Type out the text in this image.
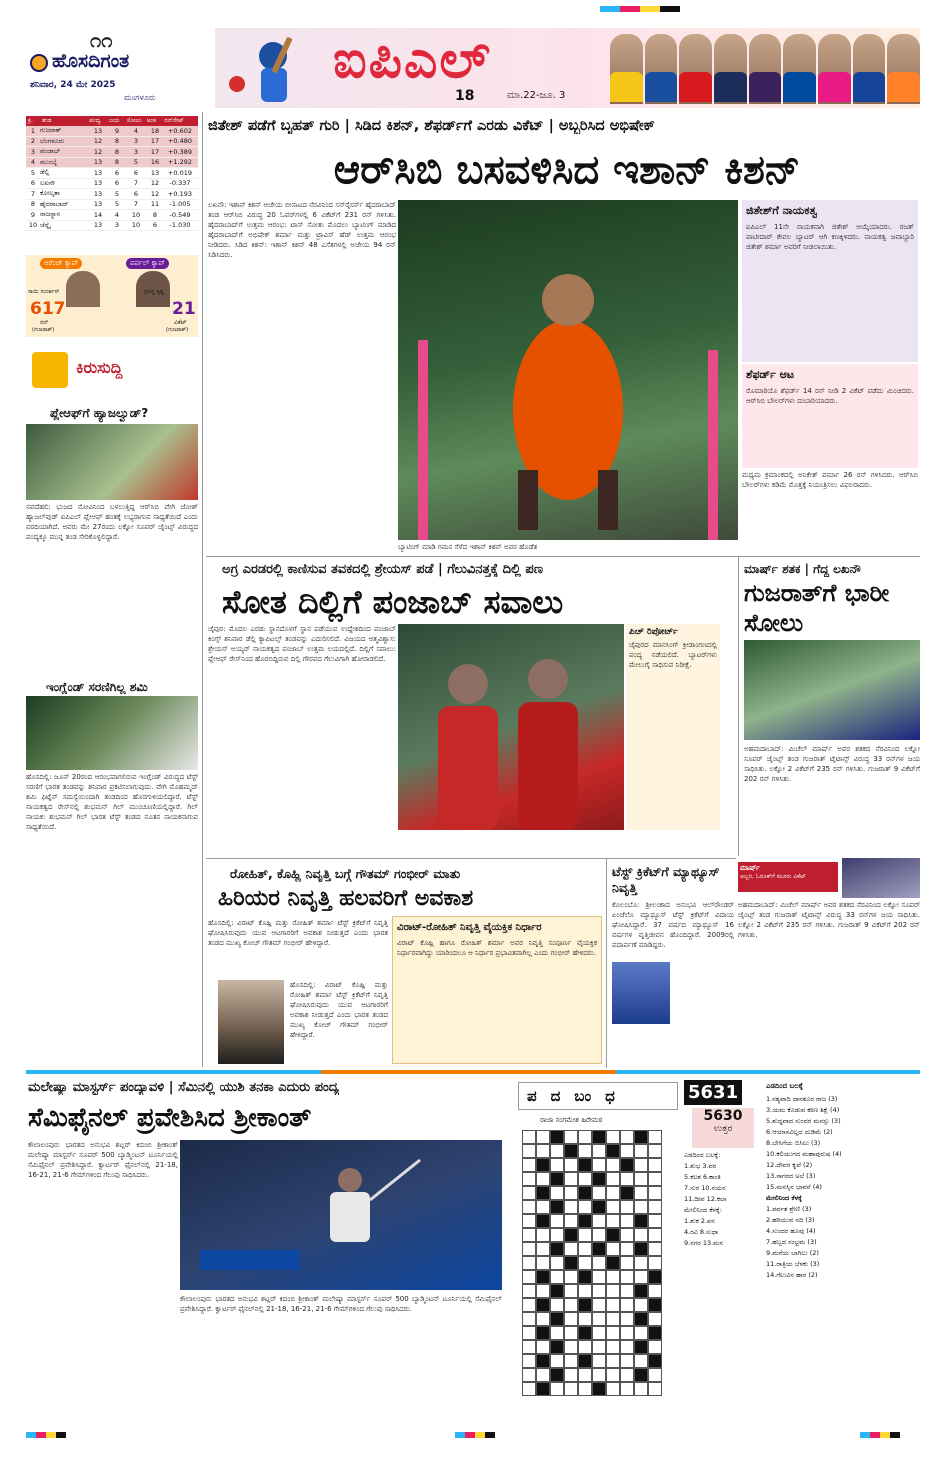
೧೧
ಹೊಸದಿಗಂತ
ಶನಿವಾರ, 24 ಮೇ 2025
ಮಂಗಳೂರು
ಐಪಿಎಲ್
18	ಮಾ.22-ಜೂ. 3
ಕ್ರ.	ತಂಡ	ಪಂದ್ಯ	ಜಯ	ಸೋಲು ಅಂಕ	ರನ್‌ರೇಟ್
1 ಗುಜರಾತ್	13	9	4	18	+0.602
2 ಬೆಂಗಳೂರು	12	8	3	17	+0.480
3 ಪಂಜಾಬ್	12	8	3	17	+0.389
4 ಮುಂಬೈ	13	8	5	16	+1.292
5 ಡೆಲ್ಲಿ	13	6	6	13	+0.019
6 ಲಖನೌ	13	6	7	12	-0.337
7 ಕೋಲ್ಕತಾ	13	5	6	12	+0.193
8 ಹೈದರಾಬಾದ್	13	5	7	11	-1.005
9 ರಾಜಸ್ಥಾನ	14	4	10	8	-0.549
10 ಚೆನ್ನೈ	13	3	10	6	-1.030
ಆರೆಂಜ್ ಕ್ಯಾಪ್	ಪರ್ಪಲ್ ಕ್ಯಾಪ್
ಸಾಯಿ ಸುದರ್ಶನ್	ಪ್ರಸಿದ್ಧ ಕೃಷ್ಣ
617	21
ರನ್	ವಿಕೆಟ್
(ಗುಜರಾತ್)	(ಗುಜರಾತ್)
ಕಿರುಸುದ್ದಿ
ಪ್ಲೇಆಫ್‌ಗೆ ಹ್ಯಾಜಲ್ವುಡ್?
ನವದೆಹಲಿ: ಭುಜದ ನೋವಿನಿಂದ ಬಳಲುತ್ತಿದ್ದ ಆರ್‌ಸಿಬಿ ವೇಗಿ ಜೋಶ್ ಹ್ಯಾಜಲ್‌ವುಡ್ ಐಪಿಎಲ್ ಪ್ಲೇಆಫ್ ಹಂತಕ್ಕೆ ಲಭ್ಯರಾಗುವ ಸಾಧ್ಯತೆಯಿದೆ ಎಂದು ವರದಿಯಾಗಿದೆ. ಅವರು ಮೇ 27ರಂದು ಲಕ್ನೋ ಸೂಪರ್ ಜೈಂಟ್ಸ್ ವಿರುದ್ಧದ ಪಂದ್ಯಕ್ಕೂ ಮುನ್ನ ತಂಡ ಸೇರಿಕೊಳ್ಳಲಿದ್ದಾರೆ.
ಇಂಗ್ಲೆಂಡ್ ಸರಣಿಗಿಲ್ಲ ಶಮಿ
ಹೊಸದಿಲ್ಲಿ: ಜೂನ್ 20ರಂದ ಆರಂಭವಾಗಲಿರುವ ಇಂಗ್ಲೆಂಡ್ ವಿರುದ್ಧದ ಟೆಸ್ಟ್ ಸರಣಿಗೆ ಭಾರತ ತಂಡವನ್ನು ಶನಿವಾರ ಪ್ರಕಟಿಸಲಾಗುವುದು. ವೇಗಿ ಮೊಹಮ್ಮದ್ ಶಮಿ ಫಿಟ್ನೆಸ್ ಸಮಸ್ಯೆಯಿಂದಾಗಿ ತಂಡದಿಂದ ಹೊರಗುಳಿಯಲಿದ್ದಾರೆ. ಟೆಸ್ಟ್ ನಾಯಕತ್ವದ ರೇಸ್‌ನಲ್ಲಿ ಶುಭಮನ್ ಗಿಲ್ ಮುಂಚೂಣಿಯಲ್ಲಿದ್ದಾರೆ. ಗಿಲ್ ನಾಯಕ: ಶುಭಮನ್ ಗಿಲ್ ಭಾರತ ಟೆಸ್ಟ್ ತಂಡದ ನೂತನ ನಾಯಕನಾಗುವ ಸಾಧ್ಯತೆಯಿದೆ.
ಜಿತೇಶ್ ಪಡೆಗೆ ಬೃಹತ್ ಗುರಿ | ಸಿಡಿದ ಕಿಶನ್, ಶೆಫರ್ಡ್‌ಗೆ ಎರಡು ವಿಕೆಟ್ | ಅಬ್ಬರಿಸಿದ ಅಭಿಷೇಕ್
ಆರ್‌ಸಿಬಿ ಬಸವಳಿಸಿದ ಇಶಾನ್ ಕಿಶನ್
ಲಖನೌ: ಇಶಾನ್ ಕಿಶನ್ ಅಜೇಯ ಬೀಸಾಟದ ನೆರವಿನಿಂದ ಸನ್‌ರೈಸರ್ಸ್ ಹೈದರಾಬಾದ್ ತಂಡ ಆರ್‌ಸಿಬಿ ವಿರುದ್ಧ 20 ಓವರ್‌ಗಳಲ್ಲಿ 6 ವಿಕೆಟ್‌ಗೆ 231 ರನ್ ಗಳಿಸಿತು. ಹೈದರಾಬಾದ್‌ಗೆ ಉತ್ತಮ ಆರಂಭ: ಟಾಸ್ ಸೋತು ಮೊದಲು ಬ್ಯಾಟಿಂಗ್ ಮಾಡಿದ ಹೈದರಾಬಾದ್‌ಗೆ ಅಭಿಷೇಕ್ ಶರ್ಮಾ ಮತ್ತು ಟ್ರಾವಿಸ್ ಹೆಡ್ ಉತ್ತಮ ಆರಂಭ ನೀಡಿದರು. ಸಿಡಿದ ಕಿಶನ್: ಇಶಾನ್ ಕಿಶನ್ 48 ಎಸೆತಗಳಲ್ಲಿ ಅಜೇಯ 94 ರನ್ ಸಿಡಿಸಿದರು.
ಬ್ಯಾಟಿಂಗ್ ಮಾಡಿ ಗಮನ ಸೆಳೆದ ಇಶಾನ್ ಕಿಶನ್ ಅವರ ಹೊಡೆತ
ಜಿತೇಶ್‌ಗೆ ನಾಯಕತ್ವ
ಐಪಿಎಲ್ 11ನೇ ನಾಯಕನಾಗಿ ಜಿತೇಶ್ ಆಯ್ಕೆಯಾದರು. ರಜತ್ ಪಾಟೀದಾರ್ ಕೇವಲ ಬ್ಯಾಟರ್ ಆಗಿ ಕಣಕ್ಕಿಳಿದರು. ನಾಯಕತ್ವ ಜವಾಬ್ದಾರಿ ಜಿತೇಶ್ ಶರ್ಮಾ ಅವರಿಗೆ ನೀಡಲಾಯಿತು.
ಶೆಫರ್ಡ್ ಆಟ
ರೊಮಾರಿಯೊ ಶೆಫರ್ಡ್ 14 ರನ್ ನೀಡಿ 2 ವಿಕೆಟ್ ಪಡೆದು ಮಿಂಚಿದರು. ಆರ್‌ಸಿಬಿ ಬೌಲರ್‌ಗಳು ದುಬಾರಿಯಾದರು.
ಮಧ್ಯಮ ಕ್ರಮಾಂಕದಲ್ಲಿ ಅನಿಕೇತ್ ವರ್ಮಾ 26 ರನ್ ಗಳಿಸಿದರು. ಆರ್‌ಸಿಬಿ ಬೌಲರ್‌ಗಳು ಕಡಿಮೆ ಮೊತ್ತಕ್ಕೆ ನಿಯಂತ್ರಿಸಲು ವಿಫಲರಾದರು.
ಅಗ್ರ ಎರಡರಲ್ಲಿ ಕಾಣಿಸುವ ತವಕದಲ್ಲಿ ಶ್ರೇಯಸ್ ಪಡೆ | ಗೆಲುವಿನತ್ತಕ್ಕೆ ದಿಲ್ಲಿ ಪಣ
ಸೋತ ದಿಲ್ಲಿಗೆ ಪಂಜಾಬ್ ಸವಾಲು
ಜೈಪುರ: ಮೊದಲ ಎರಡು ಸ್ಥಾನದೊಳಗೆ ಸ್ಥಾನ ಪಡೆಯುವ ಉದ್ದೇಶದಿಂದ ಪಂಜಾಬ್ ಕಿಂಗ್ಸ್ ಶನಿವಾರ ಡೆಲ್ಲಿ ಕ್ಯಾಪಿಟಲ್ಸ್ ತಂಡವನ್ನು ಎದುರಿಸಲಿದೆ. ವಿಜಯದ ಆತ್ಮವಿಶ್ವಾಸ: ಶ್ರೇಯಸ್ ಅಯ್ಯರ್ ನಾಯಕತ್ವದ ಪಂಜಾಬ್ ಉತ್ತಮ ಲಯದಲ್ಲಿದೆ. ದಿಲ್ಲಿಗೆ ಸವಾಲು: ಪ್ಲೇಆಫ್ ರೇಸ್‌ನಿಂದ ಹೊರಬಿದ್ದಿರುವ ದಿಲ್ಲಿ ಗೌರವದ ಗೆಲುವಿಗಾಗಿ ಹೋರಾಡಲಿದೆ.
ಪಿಚ್ ರಿಪೋರ್ಟ್
ಜೈಪುರದ ಮಾನಸಿಂಗ್ ಕ್ರೀಡಾಂಗಣದಲ್ಲಿ ಪಂದ್ಯ ನಡೆಯಲಿದೆ. ಬ್ಯಾಟರ್‌ಗಳು ಮೇಲುಗೈ ಸಾಧಿಸುವ ನಿರೀಕ್ಷೆ.
ಮಾರ್ಷ್ ಶತಕ | ಗೆದ್ದ ಲಖನೌ
ಗುಜರಾತ್‌ಗೆ ಭಾರೀ ಸೋಲು
ಅಹಮದಾಬಾದ್: ಮಿಚೆಲ್ ಮಾರ್ಷ್ ಅವರ ಶತಕದ ನೆರವಿನಿಂದ ಲಕ್ನೋ ಸೂಪರ್ ಜೈಂಟ್ಸ್ ತಂಡ ಗುಜರಾತ್ ಟೈಟಾನ್ಸ್ ವಿರುದ್ಧ 33 ರನ್‌ಗಳ ಜಯ ಸಾಧಿಸಿತು. ಲಕ್ನೋ 2 ವಿಕೆಟ್‌ಗೆ 235 ರನ್ ಗಳಿಸಿತು. ಗುಜರಾತ್ 9 ವಿಕೆಟ್‌ಗೆ 202 ರನ್ ಗಳಿಸಿತು.
ಮಾರ್ಷ್
ಅಬ್ಬರ, ಓರೂಕ್‌ಗೆ ಮೂರು ವಿಕೆಟ್
ಅಹಮದಾಬಾದ್: ಮಿಚೆಲ್ ಮಾರ್ಷ್ ಅವರ ಶತಕದ ನೆರವಿನಿಂದ ಲಕ್ನೋ ಸೂಪರ್ ಜೈಂಟ್ಸ್ ತಂಡ ಗುಜರಾತ್ ಟೈಟಾನ್ಸ್ ವಿರುದ್ಧ 33 ರನ್‌ಗಳ ಜಯ ಸಾಧಿಸಿತು. ಲಕ್ನೋ 2 ವಿಕೆಟ್‌ಗೆ 235 ರನ್ ಗಳಿಸಿತು. ಗುಜರಾತ್ 9 ವಿಕೆಟ್‌ಗೆ 202 ರನ್ ಗಳಿಸಿತು.
ರೋಹಿತ್, ಕೊಹ್ಲಿ ನಿವೃತ್ತಿ ಬಗ್ಗೆ ಗೌತಮ್ ಗಂಭೀರ್ ಮಾತು
ಹಿರಿಯರ ನಿವೃತ್ತಿ ಹಲವರಿಗೆ ಅವಕಾಶ
ಹೊಸದಿಲ್ಲಿ: ವಿರಾಟ್ ಕೊಹ್ಲಿ ಮತ್ತು ರೋಹಿತ್ ಶರ್ಮಾ ಟೆಸ್ಟ್ ಕ್ರಿಕೆಟ್‌ಗೆ ನಿವೃತ್ತಿ ಘೋಷಿಸಿರುವುದು ಯುವ ಆಟಗಾರರಿಗೆ ಅವಕಾಶ ನೀಡುತ್ತದೆ ಎಂದು ಭಾರತ ತಂಡದ ಮುಖ್ಯ ಕೋಚ್ ಗೌತಮ್ ಗಂಭೀರ್ ಹೇಳಿದ್ದಾರೆ.
ಹೊಸದಿಲ್ಲಿ: ವಿರಾಟ್ ಕೊಹ್ಲಿ ಮತ್ತು ರೋಹಿತ್ ಶರ್ಮಾ ಟೆಸ್ಟ್ ಕ್ರಿಕೆಟ್‌ಗೆ ನಿವೃತ್ತಿ ಘೋಷಿಸಿರುವುದು ಯುವ ಆಟಗಾರರಿಗೆ ಅವಕಾಶ ನೀಡುತ್ತದೆ ಎಂದು ಭಾರತ ತಂಡದ ಮುಖ್ಯ ಕೋಚ್ ಗೌತಮ್ ಗಂಭೀರ್ ಹೇಳಿದ್ದಾರೆ.
ವಿರಾಟ್-ರೋಹಿತ್ ನಿವೃತ್ತಿ ವೈಯಕ್ತಿಕ ನಿರ್ಧಾರ
ವಿರಾಟ್ ಕೊಹ್ಲಿ ಹಾಗೂ ರೋಹಿತ್ ಶರ್ಮಾ ಅವರ ನಿವೃತ್ತಿ ಸಂಪೂರ್ಣ ವೈಯಕ್ತಿಕ ನಿರ್ಧಾರವಾಗಿದ್ದು ಯಾರಿಂದಲೂ ಆ ನಿರ್ಧಾರ ಪ್ರಭಾವಿತವಾಗಿಲ್ಲ ಎಂದು ಗಂಭೀರ್ ಹೇಳಿದರು.
ಟೆಸ್ಟ್ ಕ್ರಿಕೆಟ್‌ಗೆ ಮ್ಯಾಥ್ಯೂಸ್ ನಿವೃತ್ತಿ
ಕೊಲಂಬೊ: ಶ್ರೀಲಂಕಾದ ಅನುಭವಿ ಆಲ್‌ರೌಂಡರ್ ಏಂಜೆಲೊ ಮ್ಯಾಥ್ಯೂಸ್ ಟೆಸ್ಟ್ ಕ್ರಿಕೆಟ್‌ಗೆ ವಿದಾಯ ಘೋಷಿಸಿದ್ದಾರೆ. 37 ವರ್ಷದ ಮ್ಯಾಥ್ಯೂಸ್ 16 ವರ್ಷಗಳ ವೃತ್ತಿಜೀವನ ಹೊಂದಿದ್ದಾರೆ. 2009ರಲ್ಲಿ ಪದಾರ್ಪಣೆ ಮಾಡಿದ್ದರು.
ಮಲೇಷ್ಯಾ ಮಾಸ್ಟರ್ಸ್ ಪಂದ್ಯಾವಳಿ | ಸೆಮಿನಲ್ಲಿ ಯುಶಿ ತನಕಾ ಎದುರು ಪಂದ್ಯ
ಸೆಮಿಫೈನಲ್ ಪ್ರವೇಶಿಸಿದ ಶ್ರೀಕಾಂತ್
ಕೌಲಾಲಂಪುರ: ಭಾರತದ ಅನುಭವಿ ಶಟ್ಲರ್ ಕಿದಂಬಿ ಶ್ರೀಕಾಂತ್ ಮಲೇಷ್ಯಾ ಮಾಸ್ಟರ್ಸ್ ಸೂಪರ್ 500 ಬ್ಯಾಡ್ಮಿಂಟನ್ ಟೂರ್ನಿಯಲ್ಲಿ ಸೆಮಿಫೈನಲ್ ಪ್ರವೇಶಿಸಿದ್ದಾರೆ. ಕ್ವಾರ್ಟರ್ ಫೈನಲ್‌ನಲ್ಲಿ 21-18, 16-21, 21-6 ಗೇಮ್‌ಗಳಿಂದ ಗೆಲುವು ಸಾಧಿಸಿದರು.
ಕೌಲಾಲಂಪುರ: ಭಾರತದ ಅನುಭವಿ ಶಟ್ಲರ್ ಕಿದಂಬಿ ಶ್ರೀಕಾಂತ್ ಮಲೇಷ್ಯಾ ಮಾಸ್ಟರ್ಸ್ ಸೂಪರ್ 500 ಬ್ಯಾಡ್ಮಿಂಟನ್ ಟೂರ್ನಿಯಲ್ಲಿ ಸೆಮಿಫೈನಲ್ ಪ್ರವೇಶಿಸಿದ್ದಾರೆ. ಕ್ವಾರ್ಟರ್ ಫೈನಲ್‌ನಲ್ಲಿ 21-18, 16-21, 21-6 ಗೇಮ್‌ಗಳಿಂದ ಗೆಲುವು ಸಾಧಿಸಿದರು.
ಪದಬಂಧ
ರಾಜಾ ಸಂಗಮೇಶ ಹಿರೇಮಠ
5631
5630
ಉತ್ತರ
ಎಡದಿಂದ ಬಲಕ್ಕೆ:
1.ಶುಭ 3.ವರ
5.ಕಲಶ 6.ಕಾಂತಿ
7.ಸುರ 10.ನಯನ
11.ದೀಪ 12.ಕಲಾ
ಮೇಲಿನಿಂದ ಕೆಳಕ್ಕೆ:
1.ಶುಕ 2.ವನ
4.ರವಿ 8.ಸುಧಾ
9.ನಗರ 13.ಮನ
ಎಡದಿಂದ ಬಲಕ್ಕೆ
1.ಸತ್ಯವಾದಿ ದಾನಶೂರ ರಾಜ (3)
3.ಯಮ ಕೊಡುವ ಕಠಿಣ ಶಿಕ್ಷೆ (4)
5.ಶುದ್ಧವಾದ ಸುಂದರ ಮನಸ್ಸು (3)
6.ಆಯಾಸವಿಲ್ಲದ ದುಡಿಮೆ (2)
8.ಬೇಸಿಗೆಯ ಬಿಸಿಲು (3)
10.ಕಲಿಯುಗದ ಮಹಾಪುರುಷ (4)
12.ದೇವರ ಕೃಪೆ (2)
13.ಸಾಗರದ ಅಲೆ (3)
15.ಮನಸ್ಸಿನ ಭಾವನೆ (4)
ಮೇಲಿನಿಂದ ಕೆಳಕ್ಕೆ
1.ಪರ್ವತ ಶ್ರೇಣಿ (3)
2.ಹರಿಯುವ ನದಿ (3)
4.ಸುಂದರ ಹೂವು (4)
7.ಹಬ್ಬದ ಸಂಭ್ರಮ (3)
9.ಮನೆಯ ಬಾಗಿಲು (2)
11.ರಾತ್ರಿಯ ಬೆಳಕು (3)
14.ಗೆಲುವಿನ ಹಾರ (2)
